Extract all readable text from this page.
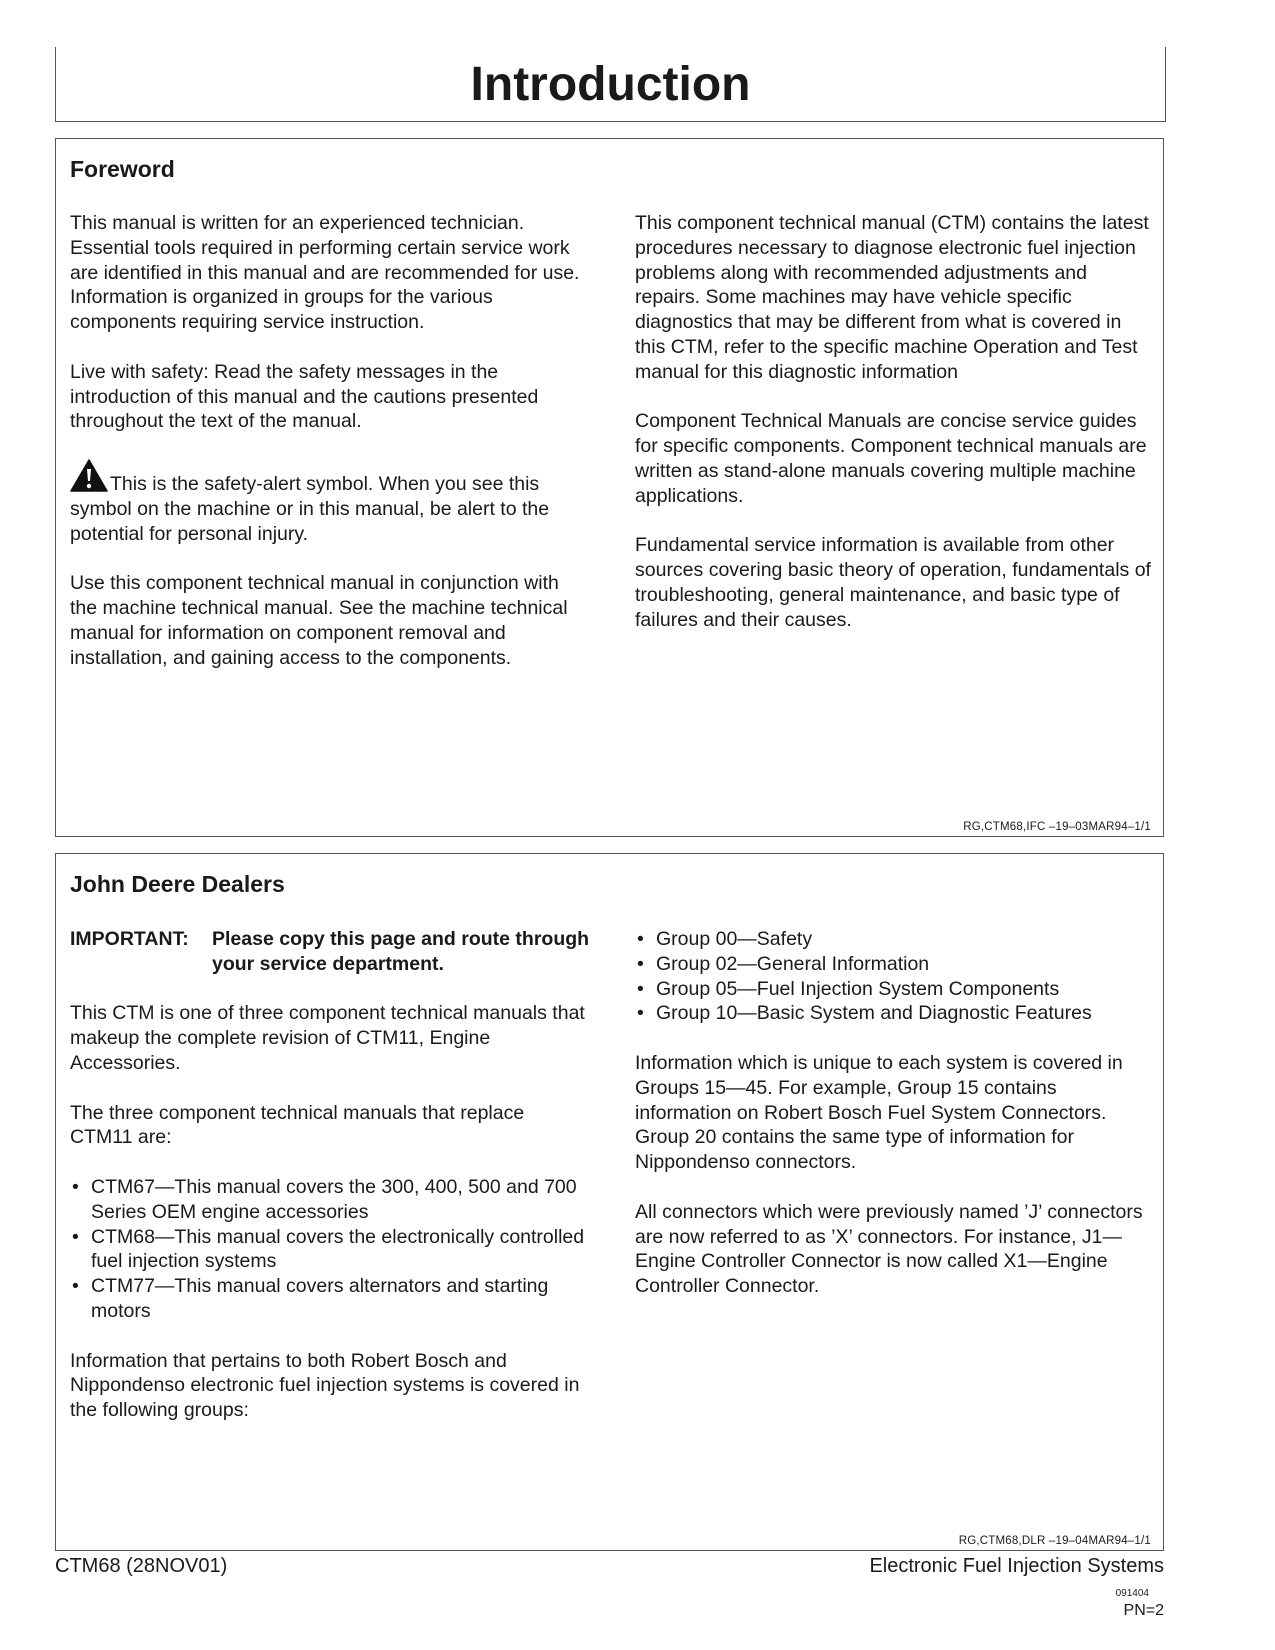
Introduction
Foreword

This manual is written for an experienced technician. Essential tools required in performing certain service work are identified in this manual and are recommended for use. Information is organized in groups for the various components requiring service instruction.

Live with safety: Read the safety messages in the introduction of this manual and the cautions presented throughout the text of the manual.

This is the safety-alert symbol. When you see this symbol on the machine or in this manual, be alert to the potential for personal injury.

Use this component technical manual in conjunction with the machine technical manual. See the machine technical manual for information on component removal and installation, and gaining access to the components.

This component technical manual (CTM) contains the latest procedures necessary to diagnose electronic fuel injection problems along with recommended adjustments and repairs. Some machines may have vehicle specific diagnostics that may be different from what is covered in this CTM, refer to the specific machine Operation and Test manual for this diagnostic information

Component Technical Manuals are concise service guides for specific components. Component technical manuals are written as stand-alone manuals covering multiple machine applications.

Fundamental service information is available from other sources covering basic theory of operation, fundamentals of troubleshooting, general maintenance, and basic type of failures and their causes.

RG,CTM68,IFC –19–03MAR94–1/1
John Deere Dealers
IMPORTANT:	Please copy this page and route through your service department.

This CTM is one of three component technical manuals that makeup the complete revision of CTM11, Engine Accessories.

The three component technical manuals that replace CTM11 are:

• CTM67—This manual covers the 300, 400, 500 and 700 Series OEM engine accessories
• CTM68—This manual covers the electronically controlled fuel injection systems
• CTM77—This manual covers alternators and starting motors

Information that pertains to both Robert Bosch and Nippondenso electronic fuel injection systems is covered in the following groups:

• Group 00—Safety
• Group 02—General Information
• Group 05—Fuel Injection System Components
• Group 10—Basic System and Diagnostic Features

Information which is unique to each system is covered in Groups 15—45. For example, Group 15 contains information on Robert Bosch Fuel System Connectors. Group 20 contains the same type of information for Nippondenso connectors.

All connectors which were previously named ’J’ connectors are now referred to as ’X’ connectors. For instance, J1—Engine Controller Connector is now called X1—Engine Controller Connector.

RG,CTM68,DLR –19–04MAR94–1/1
CTM68 (28NOV01)	Electronic Fuel Injection Systems
091404
PN=2
